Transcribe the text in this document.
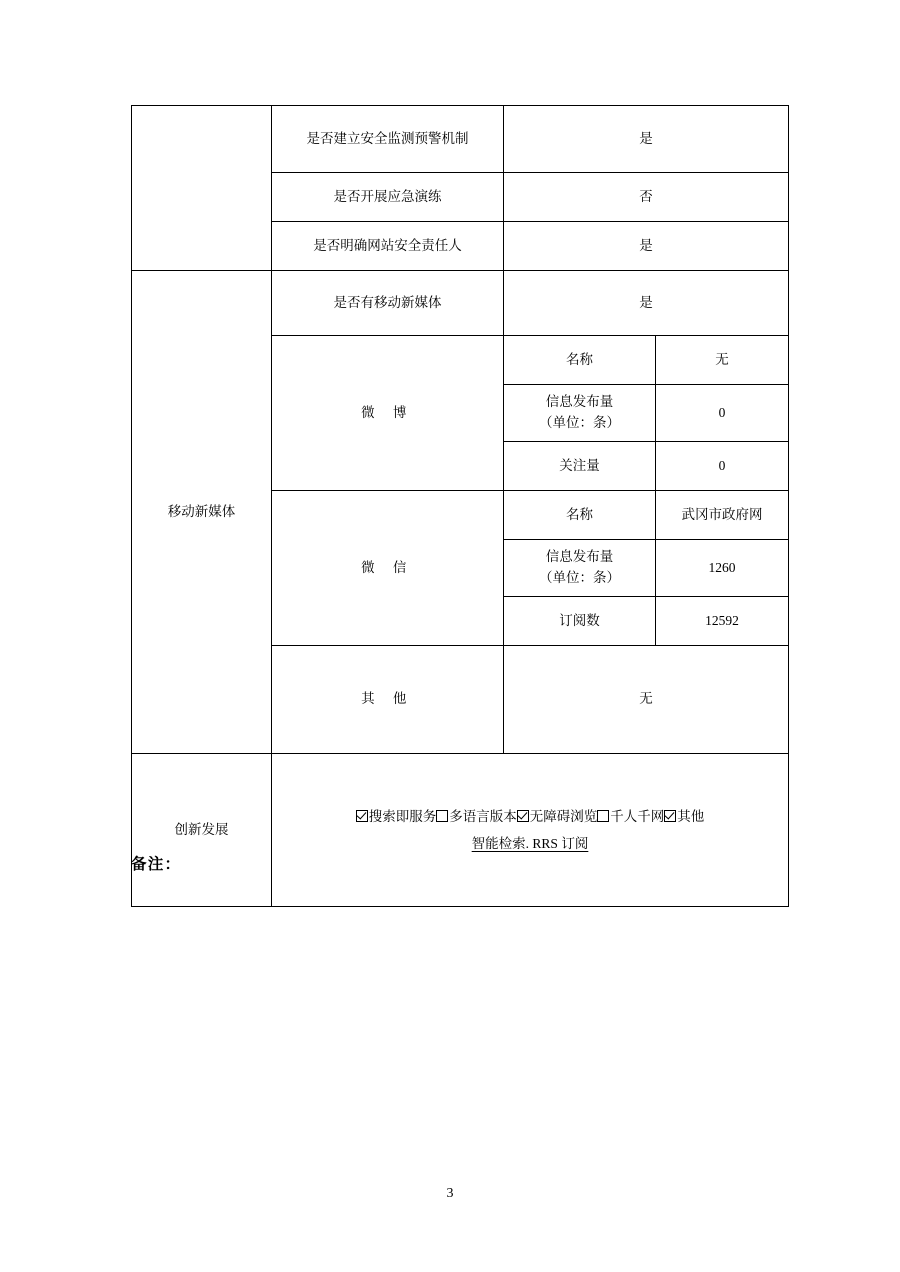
	是否建立安全监测预警机制	是	
	是否开展应急演练	否	
	是否明确网站安全责任人	是	
移动新媒体	是否有移动新媒体	是	
	微 博	名称	无

		信息发布量
（单位：条）	0
		关注量	0
	微 信	名称	武冈市政府网

		信息发布量
（单位：条）	1260
		订阅数	12592
	其 他	无	
创新发展	搜索即服务 多语言版本 无障碍浏览 千人千网 其他
智能检索. RRS 订阅		
备注：
3
